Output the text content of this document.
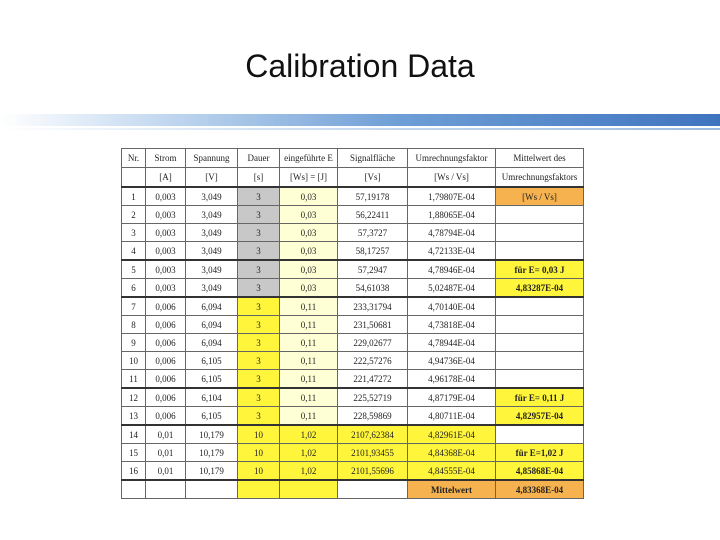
Calibration Data
Nr.	Strom	Spannung	Dauer	eingeführte E	Signalfläche	Umrechnungsfaktor	Mittelwert des
	[A]	[V]	[s]	[Ws] = [J]	[Vs]	[Ws / Vs]	Umrechnungsfaktors
1	0,003	3,049	3	0,03	57,19178	1,79807E-04	[Ws / Vs]
2	0,003	3,049	3	0,03	56,22411	1,88065E-04	
3	0,003	3,049	3	0,03	57,3727	4,78794E-04	
4	0,003	3,049	3	0,03	58,17257	4,72133E-04	
5	0,003	3,049	3	0,03	57,2947	4,78946E-04	für E= 0,03 J
6	0,003	3,049	3	0,03	54,61038	5,02487E-04	4,83287E-04
7	0,006	6,094	3	0,11	233,31794	4,70140E-04	
8	0,006	6,094	3	0,11	231,50681	4,73818E-04	
9	0,006	6,094	3	0,11	229,02677	4,78944E-04	
10	0,006	6,105	3	0,11	222,57276	4,94736E-04	
11	0,006	6,105	3	0,11	221,47272	4,96178E-04	
12	0,006	6,104	3	0,11	225,52719	4,87179E-04	für E= 0,11 J
13	0,006	6,105	3	0,11	228,59869	4,80711E-04	4,82957E-04
14	0,01	10,179	10	1,02	2107,62384	4,82961E-04	
15	0,01	10,179	10	1,02	2101,93455	4,84368E-04	für E=1,02 J
16	0,01	10,179	10	1,02	2101,55696	4,84555E-04	4,85868E-04
						Mittelwert	4,83368E-04
